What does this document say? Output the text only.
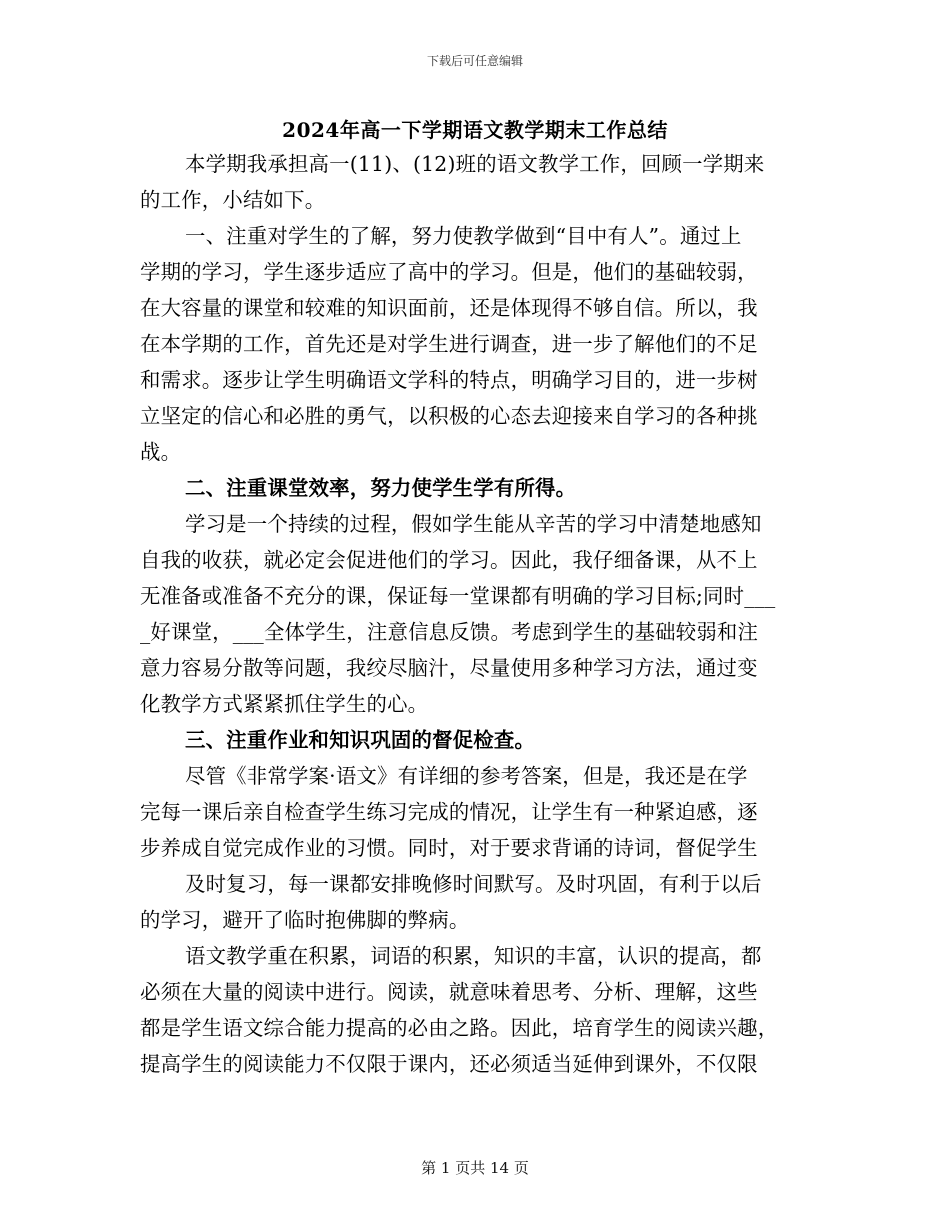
下载后可任意编辑
2024年高一下学期语文教学期末工作总结
本学期我承担高一(11)、(12)班的语文教学工作，回顾一学期来
的工作，小结如下。
一、注重对学生的了解，努力使教学做到“目中有人”。通过上
学期的学习，学生逐步适应了高中的学习。但是，他们的基础较弱，
在大容量的课堂和较难的知识面前，还是体现得不够自信。所以，我
在本学期的工作，首先还是对学生进行调查，进一步了解他们的不足
和需求。逐步让学生明确语文学科的特点，明确学习目的，进一步树
立坚定的信心和必胜的勇气，以积极的心态去迎接来自学习的各种挑
战。
二、注重课堂效率，努力使学生学有所得。
学习是一个持续的过程，假如学生能从辛苦的学习中清楚地感知
自我的收获，就必定会促进他们的学习。因此，我仔细备课，从不上
无准备或准备不充分的课，保证每一堂课都有明确的学习目标;同时___
_好课堂，___全体学生，注意信息反馈。考虑到学生的基础较弱和注
意力容易分散等问题，我绞尽脑汁，尽量使用多种学习方法，通过变
化教学方式紧紧抓住学生的心。
三、注重作业和知识巩固的督促检查。
尽管《非常学案·语文》有详细的参考答案，但是，我还是在学
完每一课后亲自检查学生练习完成的情况，让学生有一种紧迫感，逐
步养成自觉完成作业的习惯。同时，对于要求背诵的诗词，督促学生
及时复习，每一课都安排晚修时间默写。及时巩固，有利于以后
的学习，避开了临时抱佛脚的弊病。
语文教学重在积累，词语的积累，知识的丰富，认识的提高，都
必须在大量的阅读中进行。阅读，就意味着思考、分析、理解，这些
都是学生语文综合能力提高的必由之路。因此，培育学生的阅读兴趣，
提高学生的阅读能力不仅限于课内，还必须适当延伸到课外，不仅限
第 1 页共 14 页
